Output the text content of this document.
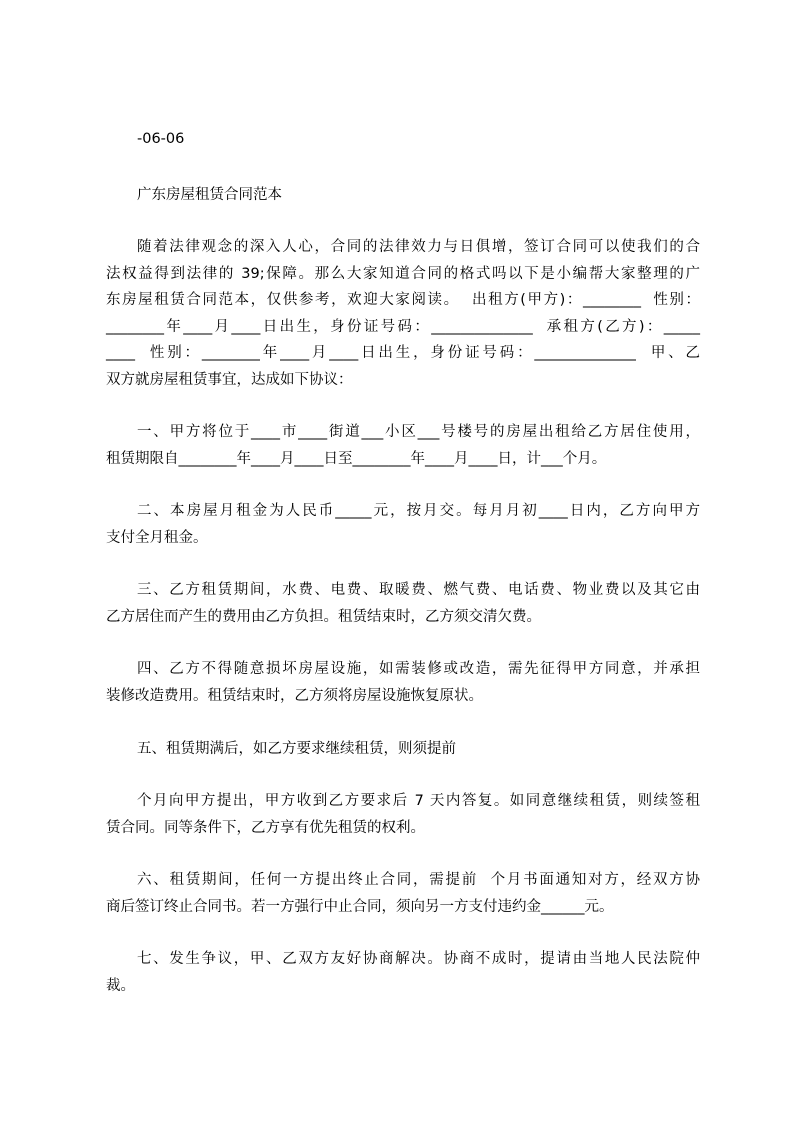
-06-06
广东房屋租赁合同范本
随着法律观念的深入人心，合同的法律效力与日俱增，签订合同可以使我们的合
法权益得到法律的 39;保障。那么大家知道合同的格式吗以下是小编帮大家整理的广
东房屋租赁合同范本，仅供参考，欢迎大家阅读。  出租方(甲方)：________  性别：
________年____月____日出生，身份证号码：______________  承租方(乙方)：_____
____  性别：________年____月____日出生，身份证号码：______________  甲、乙
双方就房屋租赁事宜，达成如下协议：
一、甲方将位于____市____街道___小区___号楼号的房屋出租给乙方居住使用，
租赁期限自________年____月____日至________年____月____日，计___个月。
二、本房屋月租金为人民币_____元，按月交。每月月初____日内，乙方向甲方
支付全月租金。
三、乙方租赁期间，水费、电费、取暖费、燃气费、电话费、物业费以及其它由
乙方居住而产生的费用由乙方负担。租赁结束时，乙方须交清欠费。
四、乙方不得随意损坏房屋设施，如需装修或改造，需先征得甲方同意，并承担
装修改造费用。租赁结束时，乙方须将房屋设施恢复原状。
五、租赁期满后，如乙方要求继续租赁，则须提前
个月向甲方提出，甲方收到乙方要求后 7 天内答复。如同意继续租赁，则续签租
赁合同。同等条件下，乙方享有优先租赁的权利。
六、租赁期间，任何一方提出终止合同，需提前  个月书面通知对方，经双方协
商后签订终止合同书。若一方强行中止合同，须向另一方支付违约金______元。
七、发生争议，甲、乙双方友好协商解决。协商不成时，提请由当地人民法院仲
裁。
